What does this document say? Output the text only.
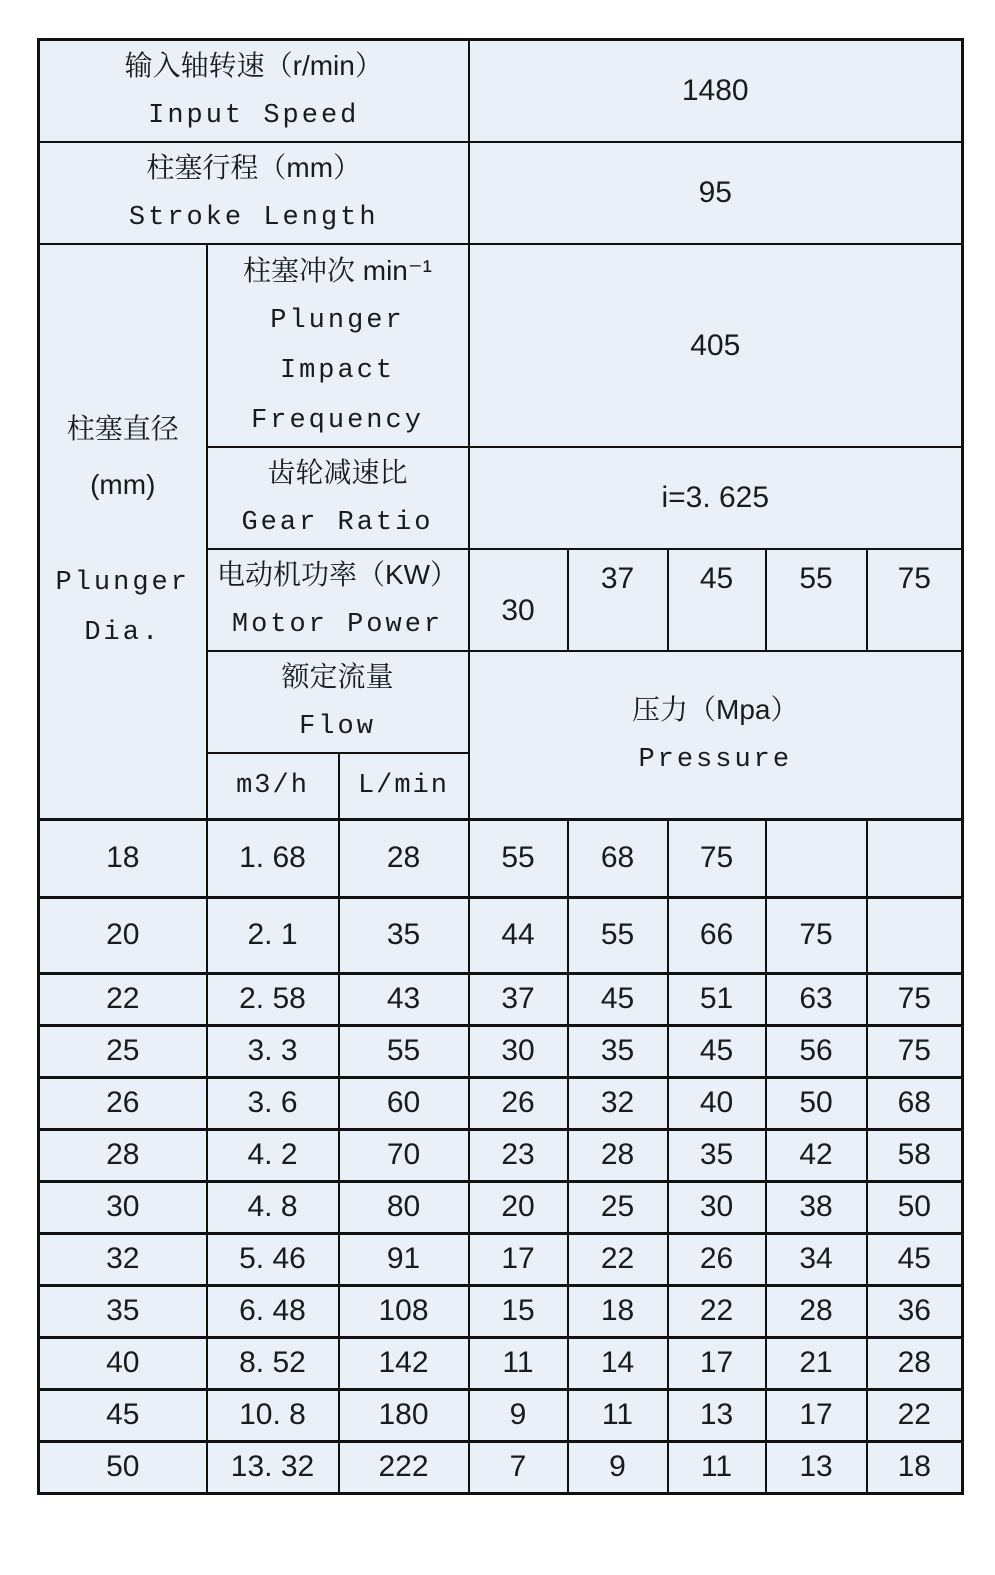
输入轴转速（r/min）
Input Speed			1480				

柱塞行程（mm）
Stroke Length			95				

柱塞直径
(mm)
Plunger
Dia.	柱塞冲次 min⁻¹
Plunger Impact Frequency		405				

	齿轮减速比
Gear Ratio		i=3. 625				

	电动机功率（KW）
Motor Power		30	37	45	55	75

	额定流量
Flow		压力（Mpa）
Pressure				

	m3/h	L/min					
18	1. 68	28	55	68	75		
20	2. 1	35	44	55	66	75	
22	2. 58	43	37	45	51	63	75
25	3. 3	55	30	35	45	56	75
26	3. 6	60	26	32	40	50	68
28	4. 2	70	23	28	35	42	58
30	4. 8	80	20	25	30	38	50
32	5. 46	91	17	22	26	34	45
35	6. 48	108	15	18	22	28	36
40	8. 52	142	11	14	17	21	28
45	10. 8	180	9	11	13	17	22
50	13. 32	222	7	9	11	13	18
